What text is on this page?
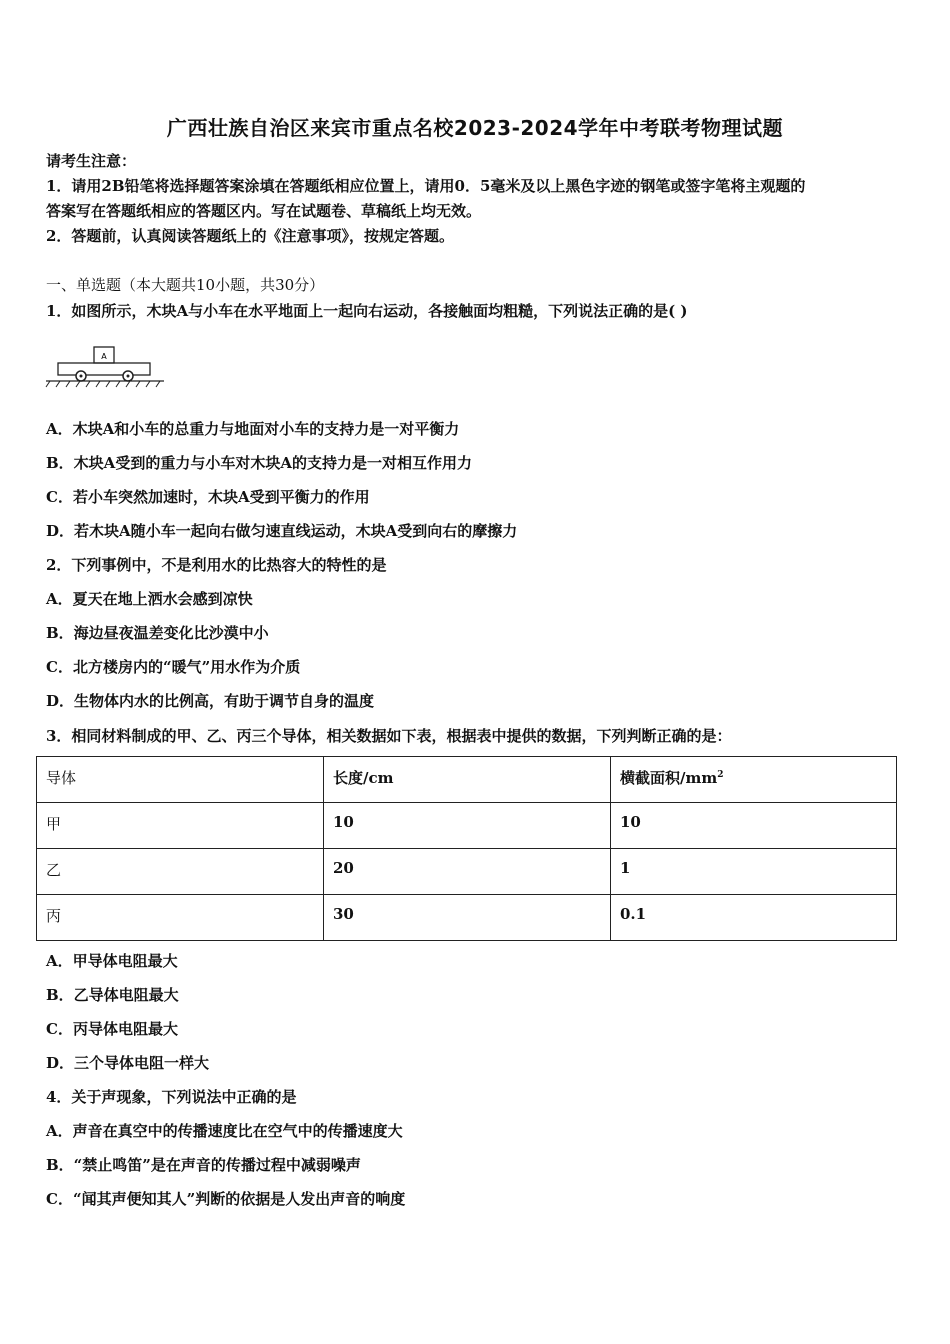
广西壮族自治区来宾市重点名校2023-2024学年中考联考物理试题
请考生注意：
1．请用2B铅笔将选择题答案涂填在答题纸相应位置上，请用0．5毫米及以上黑色字迹的钢笔或签字笔将主观题的
答案写在答题纸相应的答题区内。写在试题卷、草稿纸上均无效。
2．答题前，认真阅读答题纸上的《注意事项》，按规定答题。
一、单选题（本大题共10小题，共30分）
1．如图所示，木块A与小车在水平地面上一起向右运动，各接触面均粗糙，下列说法正确的是( )
A
A．木块A和小车的总重力与地面对小车的支持力是一对平衡力
B．木块A受到的重力与小车对木块A的支持力是一对相互作用力
C．若小车突然加速时，木块A受到平衡力的作用
D．若木块A随小车一起向右做匀速直线运动，木块A受到向右的摩擦力
2．下列事例中，不是利用水的比热容大的特性的是
A．夏天在地上洒水会感到凉快
B．海边昼夜温差变化比沙漠中小
C．北方楼房内的“暖气”用水作为介质
D．生物体内水的比例高，有助于调节自身的温度
3．相同材料制成的甲、乙、丙三个导体，相关数据如下表，根据表中提供的数据，下列判断正确的是：
导体	长度/cm	横截面积$/mm^2$
甲	10	10
乙	20	1
丙	30	0.1
A．甲导体电阻最大
B．乙导体电阻最大
C．丙导体电阻最大
D．三个导体电阻一样大
4．关于声现象，下列说法中正确的是
A．声音在真空中的传播速度比在空气中的传播速度大
B．“禁止鸣笛”是在声音的传播过程中减弱噪声
C．“闻其声便知其人”判断的依据是人发出声音的响度
